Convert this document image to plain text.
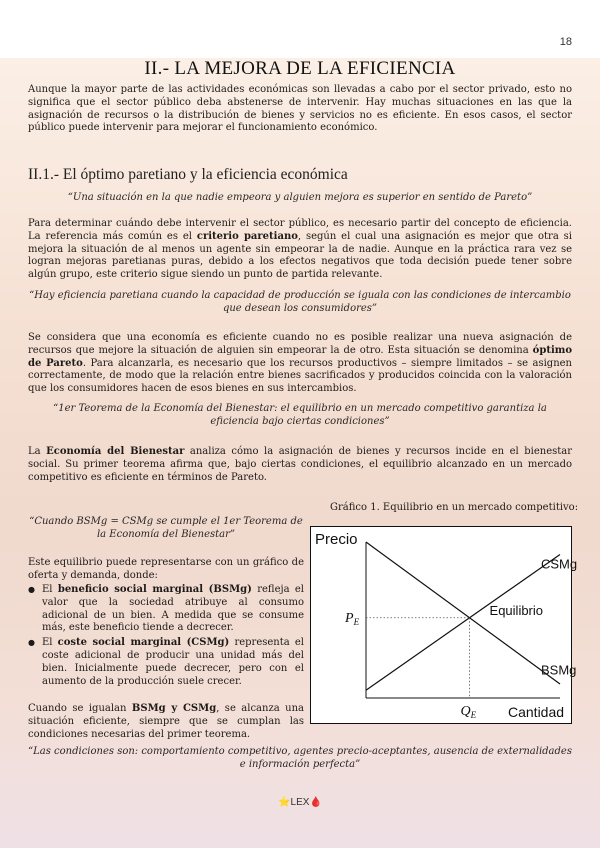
18
II.- LA MEJORA DE LA EFICIENCIA
Aunque la mayor parte de las actividades económicas son llevadas a cabo por el sector privado, esto no significa que el sector público deba abstenerse de intervenir. Hay muchas situaciones en las que la asignación de recursos o la distribución de bienes y servicios no es eficiente. En esos casos, el sector público puede intervenir para mejorar el funcionamiento económico.
II.1.- El óptimo paretiano y la eficiencia económica
“Una situación en la que nadie empeora y alguien mejora es superior en sentido de Pareto”
Para determinar cuándo debe intervenir el sector público, es necesario partir del concepto de eficiencia. La referencia más común es el criterio paretiano, según el cual una asignación es mejor que otra si mejora la situación de al menos un agente sin empeorar la de nadie. Aunque en la práctica rara vez se logran mejoras paretianas puras, debido a los efectos negativos que toda decisión puede tener sobre algún grupo, este criterio sigue siendo un punto de partida relevante.
“Hay eficiencia paretiana cuando la capacidad de producción se iguala con las condiciones de intercambio que desean los consumidores”
Se considera que una economía es eficiente cuando no es posible realizar una nueva asignación de recursos que mejore la situación de alguien sin empeorar la de otro. Esta situación se denomina óptimo de Pareto. Para alcanzarla, es necesario que los recursos productivos – siempre limitados – se asignen correctamente, de modo que la relación entre bienes sacrificados y producidos coincida con la valoración que los consumidores hacen de esos bienes en sus intercambios.
“1er Teorema de la Economía del Bienestar: el equilibrio en un mercado competitivo garantiza la eficiencia bajo ciertas condiciones”
La Economía del Bienestar analiza cómo la asignación de bienes y recursos incide en el bienestar social. Su primer teorema afirma que, bajo ciertas condiciones, el equilibrio alcanzado en un mercado competitivo es eficiente en términos de Pareto.
Gráfico 1. Equilibrio en un mercado competitivo:
“Cuando BSMg = CSMg se cumple el 1er Teorema de la Economía del Bienestar”
Este equilibrio puede representarse con un gráfico de oferta y demanda, donde:
● El beneficio social marginal (BSMg) refleja el valor que la sociedad atribuye al consumo adicional de un bien. A medida que se consume más, este beneficio tiende a decrecer.
● El coste social marginal (CSMg) representa el coste adicional de producir una unidad más del bien. Inicialmente puede decrecer, pero con el aumento de la producción suele crecer.
Cuando se igualan BSMg y CSMg, se alcanza una situación eficiente, siempre que se cumplan las condiciones necesarias del primer teorema.
“Las condiciones son: comportamiento competitivo, agentes precio-aceptantes, ausencia de externalidades e información perfecta”
Precio
Cantidad
CSMg
BSMg
Equilibrio
$P_E$
$Q_E$
⭐LEX🩸
